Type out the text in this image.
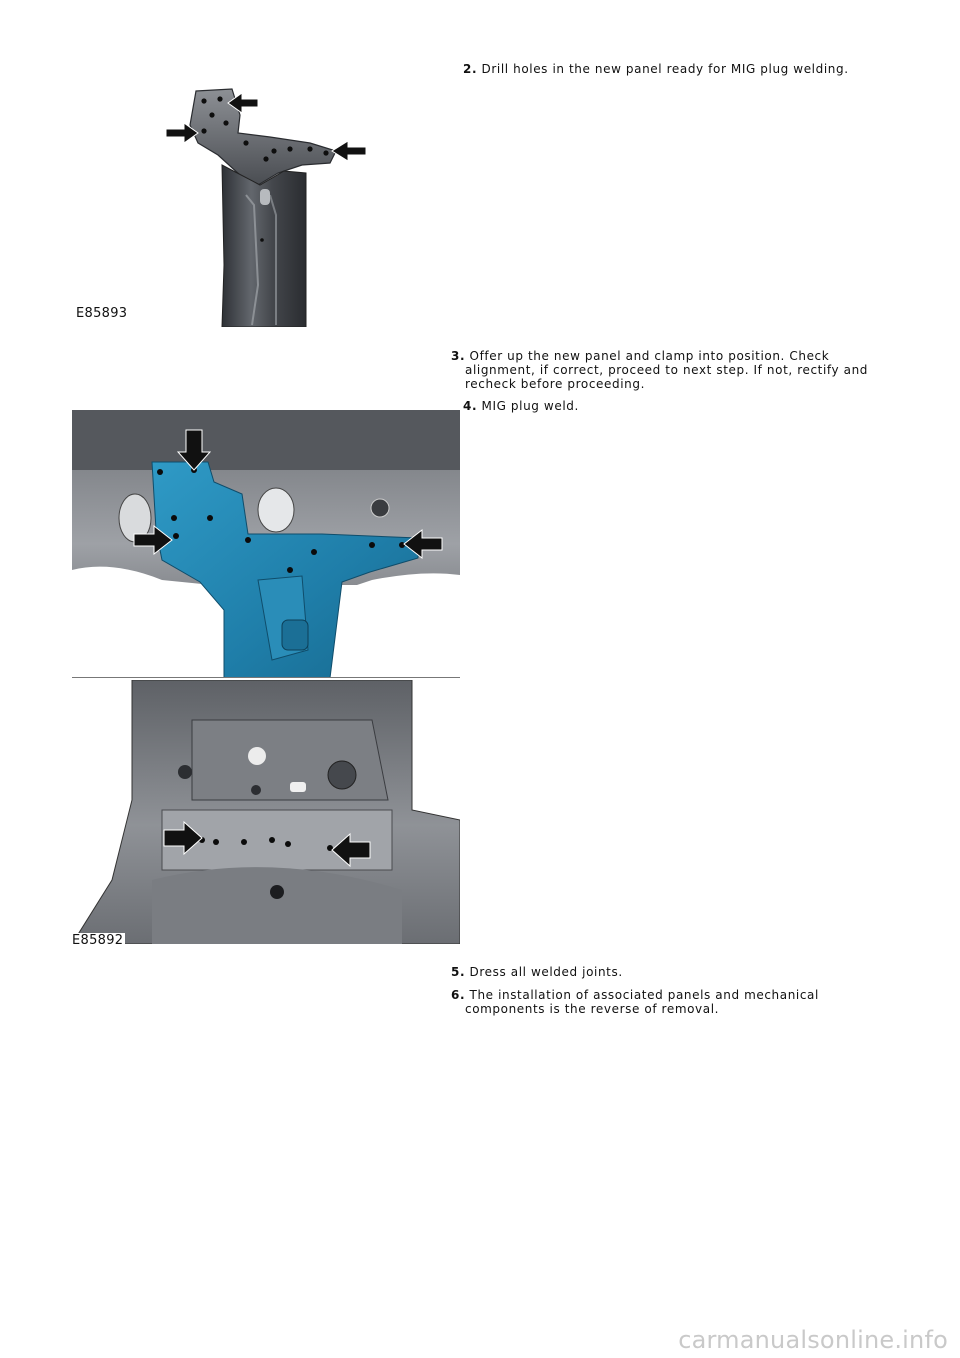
2. Drill holes in the new panel ready for MIG plug welding.
E85893
3. Offer up the new panel and clamp into position. Check
alignment, if correct, proceed to next step. If not, rectify and
recheck before proceeding.
4. MIG plug weld.
E85892
5. Dress all welded joints.
6. The installation of associated panels and mechanical
components is the reverse of removal.
carmanualsonline.info
